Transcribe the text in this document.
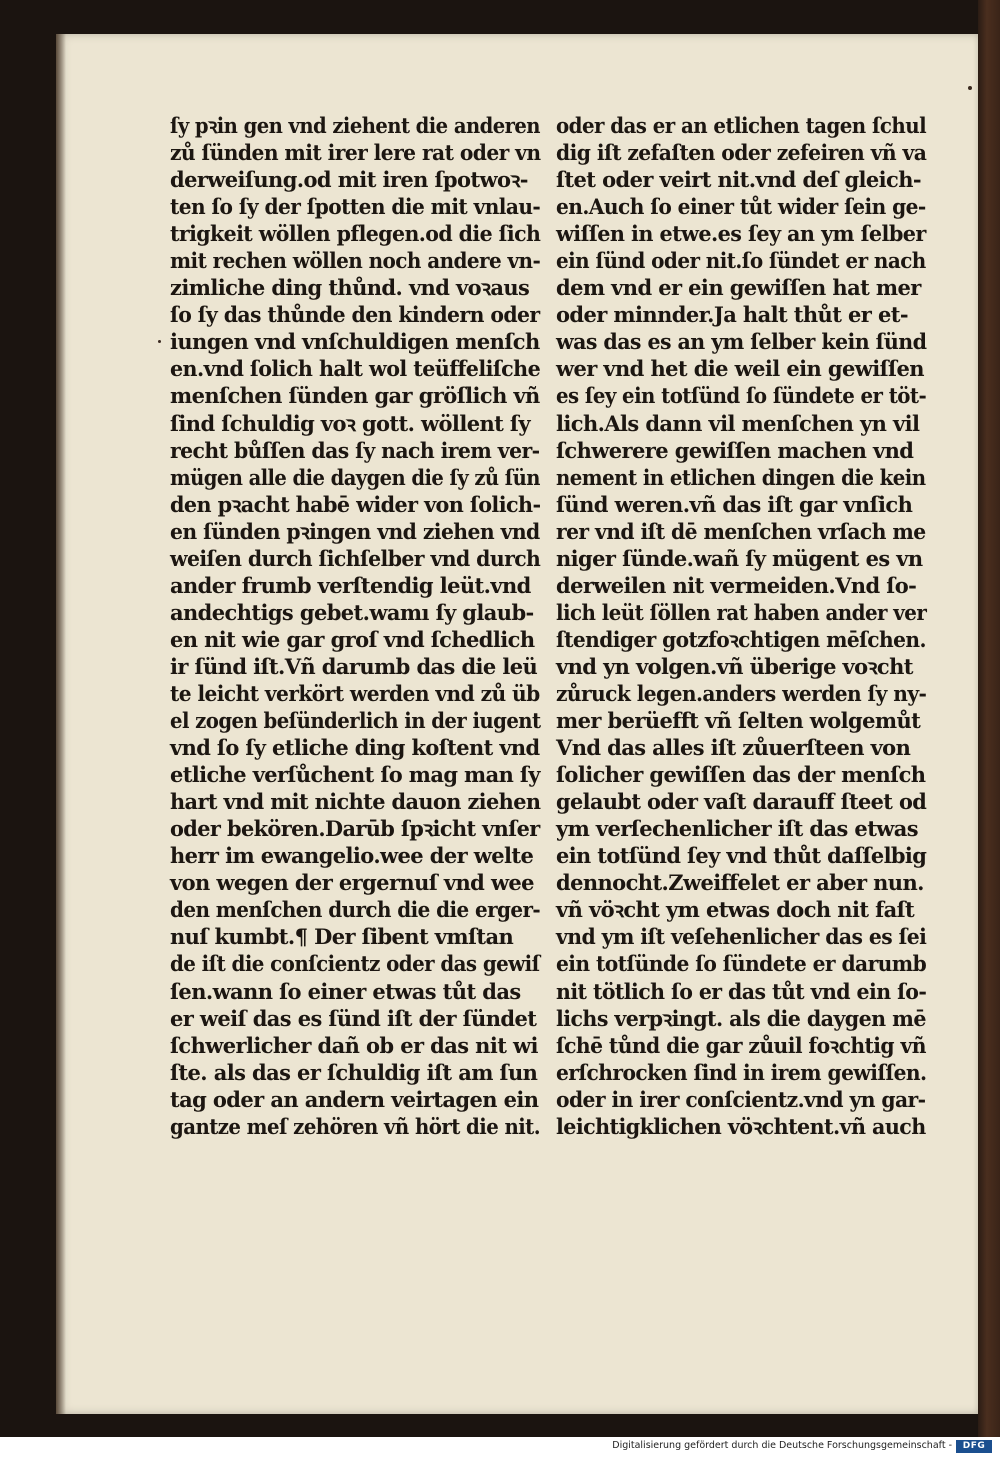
ſy pꝛin gen vnd ziehent die anderen
zů ſünden mit irer lere rat oder vn
derweiſung.od mit iren ſpotwoꝛ-
ten ſo ſy der ſpotten die mit vnlau-
trigkeit wöllen pflegen.od die ſich
mit rechen wöllen noch andere vn-
zimliche ding thůnd. vnd voꝛaus
ſo ſy das thůnde den kindern oder
iungen vnd vnſchuldigen menſch
en.vnd ſolich halt wol teüffeliſche
menſchen ſünden gar gröſlich vñ
ſind ſchuldig voꝛ gott. wöllent ſy
recht bůſſen das ſy nach irem ver-
mügen alle die daygen die ſy zů ſün
den pꝛacht habē wider von ſolich-
en ſünden pꝛingen vnd ziehen vnd
weiſen durch ſichſelber vnd durch
ander frumb verſtendig leüt.vnd
andechtigs gebet.wamı ſy glaub-
en nit wie gar groſ vnd ſchedlich
ir ſünd iſt.Vñ darumb das die leü
te leicht verkört werden vnd zů üb
el zogen beſünderlich in der iugent
vnd ſo ſy etliche ding koſtent vnd
etliche verſůchent ſo mag man ſy
hart vnd mit nichte dauon ziehen
oder bekören.Darūb ſpꝛicht vnſer
herr im ewangelio.wee der welte
von wegen der ergernuſ vnd wee
den menſchen durch die die erger-
nuſ kumbt.¶ Der ſibent vmſtan
de iſt die conſcientz oder das gewiſ
ſen.wann ſo einer etwas tůt das
er weiſ das es ſünd iſt der ſündet
ſchwerlicher dañ ob er das nit wi
ſte. als das er ſchuldig iſt am ſun
tag oder an andern veirtagen ein
gantze meſ zehören vñ hört die nit.
oder das er an etlichen tagen ſchul
dig iſt zefaſten oder zefeiren vñ va
ſtet oder veirt nit.vnd deſ gleich-
en.Auch ſo einer tůt wider ſein ge-
wiſſen in etwe.es ſey an ym ſelber
ein ſünd oder nit.ſo ſündet er nach
dem vnd er ein gewiſſen hat mer
oder minnder.Ja halt thůt er et-
was das es an ym ſelber kein ſünd
wer vnd het die weil ein gewiſſen
es ſey ein totſünd ſo ſündete er töt-
lich.Als dann vil menſchen yn vil
ſchwerere gewiſſen machen vnd
nement in etlichen dingen die kein
ſünd weren.vñ das iſt gar vnſich
rer vnd iſt dē menſchen vrſach me
niger ſünde.wañ ſy mügent es vn
derweilen nit vermeiden.Vnd ſo-
lich leüt ſöllen rat haben ander ver
ſtendiger gotzfoꝛchtigen mēſchen.
vnd yn volgen.vñ überige voꝛcht
zůruck legen.anders werden ſy ny-
mer berüefft vñ ſelten wolgemůt
Vnd das alles iſt zůuerſteen von
ſolicher gewiſſen das der menſch
gelaubt oder vaſt darauff ſteet od
ym verſechenlicher iſt das etwas
ein totſünd ſey vnd thůt daſſelbig
dennocht.Zweiffelet er aber nun.
vñ vöꝛcht ym etwas doch nit faſt
vnd ym iſt veſehenlicher das es ſei
ein totſünde ſo ſündete er darumb
nit tötlich ſo er das tůt vnd ein ſo-
lichs verpꝛingt. als die daygen mē
ſchē tůnd die gar zůuil foꝛchtig vñ
erſchrocken ſind in irem gewiſſen.
oder in irer conſcientz.vnd yn gar-
leichtigklichen vöꝛchtent.vñ auch
Digitalisierung gefördert durch die Deutsche Forschungsgemeinschaft -	DFG
